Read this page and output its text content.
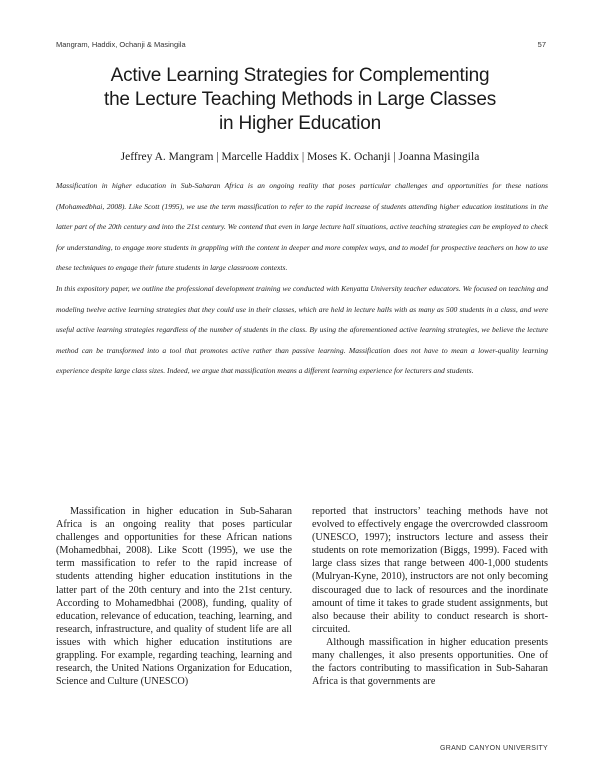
Mangram, Haddix, Ochanji & Masingila	57
Active Learning Strategies for Complementing
the Lecture Teaching Methods in Large Classes
in Higher Education
Jeffrey A. Mangram | Marcelle Haddix | Moses K. Ochanji | Joanna Masingila

Massification in higher education in Sub-Saharan Africa is an ongoing reality that poses particular challenges and opportunities for these nations (Mohamedbhai, 2008). Like Scott (1995), we use the term massification to refer to the rapid increase of students attending higher education institutions in the latter part of the 20th century and into the 21st century. We contend that even in large lecture hall situations, active teaching strategies can be employed to check for understanding, to engage more students in grappling with the content in deeper and more complex ways, and to model for prospective teachers on how to use these techniques to engage their future students in large classroom contexts.

In this expository paper, we outline the professional development training we conducted with Kenyatta University teacher educators. We focused on teaching and modeling twelve active learning strategies that they could use in their classes, which are held in lecture halls with as many as 500 students in a class, and were useful active learning strategies regardless of the number of students in the class. By using the aforementioned active learning strategies, we believe the lecture method can be transformed into a tool that promotes active rather than passive learning. Massification does not have to mean a lower-quality learning experience despite large class sizes. Indeed, we argue that massification means a different learning experience for lecturers and students.

Massification in higher education in Sub-Saharan Africa is an ongoing reality that poses particular challenges and opportunities for these African nations (Mohamedbhai, 2008). Like Scott (1995), we use the term massification to refer to the rapid increase of students attending higher education institutions in the latter part of the 20th century and into the 21st century. According to Mohamedbhai (2008), funding, quality of education, relevance of education, teaching, learning, and research, infrastructure, and quality of student life are all issues with which higher education institutions are grappling. For example, regarding teaching, learning and research, the United Nations Organization for Education, Science and Culture (UNESCO)

reported that instructors’ teaching methods have not evolved to effectively engage the overcrowded classroom (UNESCO, 1997); instructors lecture and assess their students on rote memorization (Biggs, 1999). Faced with large class sizes that range between 400-1,000 students (Mulryan-Kyne, 2010), instructors are not only becoming discouraged due to lack of resources and the inordinate amount of time it takes to grade student assignments, but also because their ability to conduct research is short-circuited.

Although massification in higher education presents many challenges, it also presents opportunities. One of the factors contributing to massification in Sub-Saharan Africa is that governments are

GRAND CANYON UNIVERSITY
